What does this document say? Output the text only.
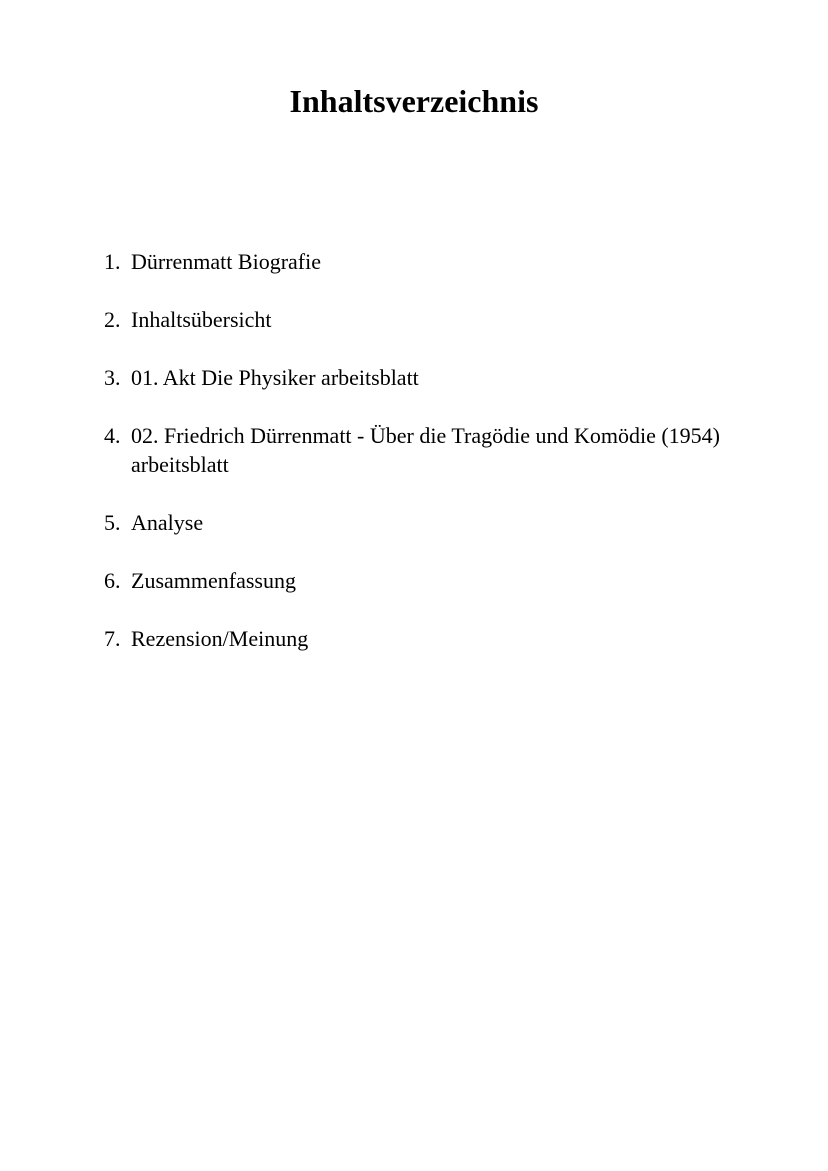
Inhaltsverzeichnis
1. Dürrenmatt Biografie
2. Inhaltsübersicht
3. 01. Akt Die Physiker arbeitsblatt
4. 02. Friedrich Dürrenmatt - Über die Tragödie und Komödie (1954) arbeitsblatt
5. Analyse
6. Zusammenfassung
7. Rezension/Meinung
